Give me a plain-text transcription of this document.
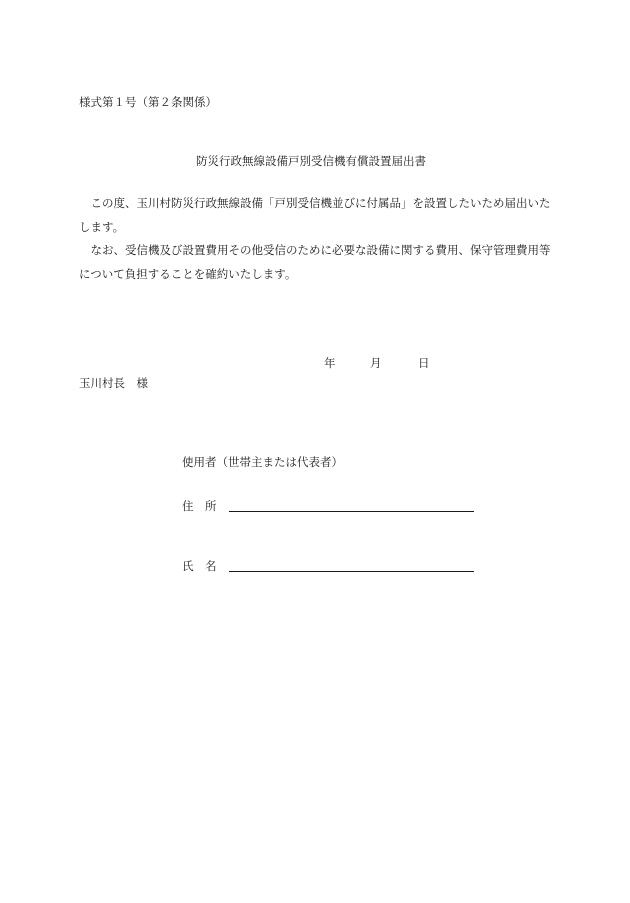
様式第１号（第２条関係）
防災行政無線設備戸別受信機有償設置届出書

この度、玉川村防災行政無線設備「戸別受信機並びに付属品」を設置したいため届出いたします。

なお、受信機及び設置費用その他受信のために必要な設備に関する費用、保守管理費用等について負担することを確約いたします。

年	月	日
玉川村長　様
使用者（世帯主または代表者）
住　所
氏　名
